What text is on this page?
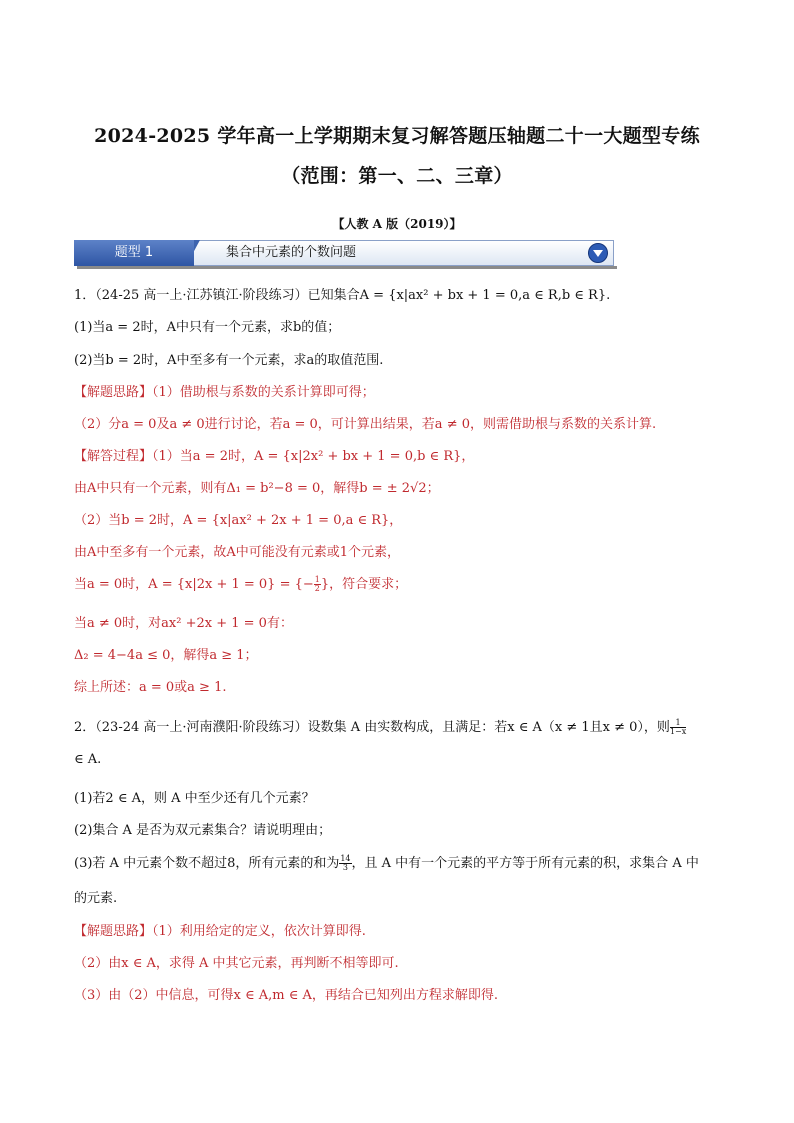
2024-2025 学年高一上学期期末复习解答题压轴题二十一大题型专练
（范围：第一、二、三章）
【人教 A 版（2019）】
题型 1	集合中元素的个数问题
1．（24-25 高一上·江苏镇江·阶段练习）已知集合A = {x|ax² + bx + 1 = 0,a ∈ R,b ∈ R}.
(1)当a = 2时，A中只有一个元素，求b的值；
(2)当b = 2时，A中至多有一个元素，求a的取值范围.
【解题思路】（1）借助根与系数的关系计算即可得；
（2）分a = 0及a ≠ 0进行讨论，若a = 0，可计算出结果，若a ≠ 0，则需借助根与系数的关系计算.
【解答过程】（1）当a = 2时，A = {x|2x² + bx + 1 = 0,b ∈ R}，
由A中只有一个元素，则有Δ₁ = b²−8 = 0，解得b = ± 2√2；
（2）当b = 2时，A = {x|ax² + 2x + 1 = 0,a ∈ R}，
由A中至多有一个元素，故A中可能没有元素或1个元素，
当a = 0时，A = {x|2x + 1 = 0} = {− $\frac{1}{2}$ }，符合要求；
当a ≠ 0时，对ax² +2x + 1 = 0有：
Δ₂ = 4−4a ≤ 0，解得a ≥ 1；
综上所述：a = 0或a ≥ 1.
2．（23-24 高一上·河南濮阳·阶段练习）设数集 A 由实数构成，且满足：若x ∈ A（x ≠ 1且x ≠ 0），则 $\frac{1}{1-x}$
∈ A.
(1)若2 ∈ A，则 A 中至少还有几个元素？
(2)集合 A 是否为双元素集合？请说明理由；
(3)若 A 中元素个数不超过8，所有元素的和为 $\frac{14}{3}$ ，且 A 中有一个元素的平方等于所有元素的积，求集合 A 中
的元素.
【解题思路】（1）利用给定的定义，依次计算即得.
（2）由x ∈ A，求得 A 中其它元素，再判断不相等即可.
（3）由（2）中信息，可得x ∈ A,m ∈ A，再结合已知列出方程求解即得.
